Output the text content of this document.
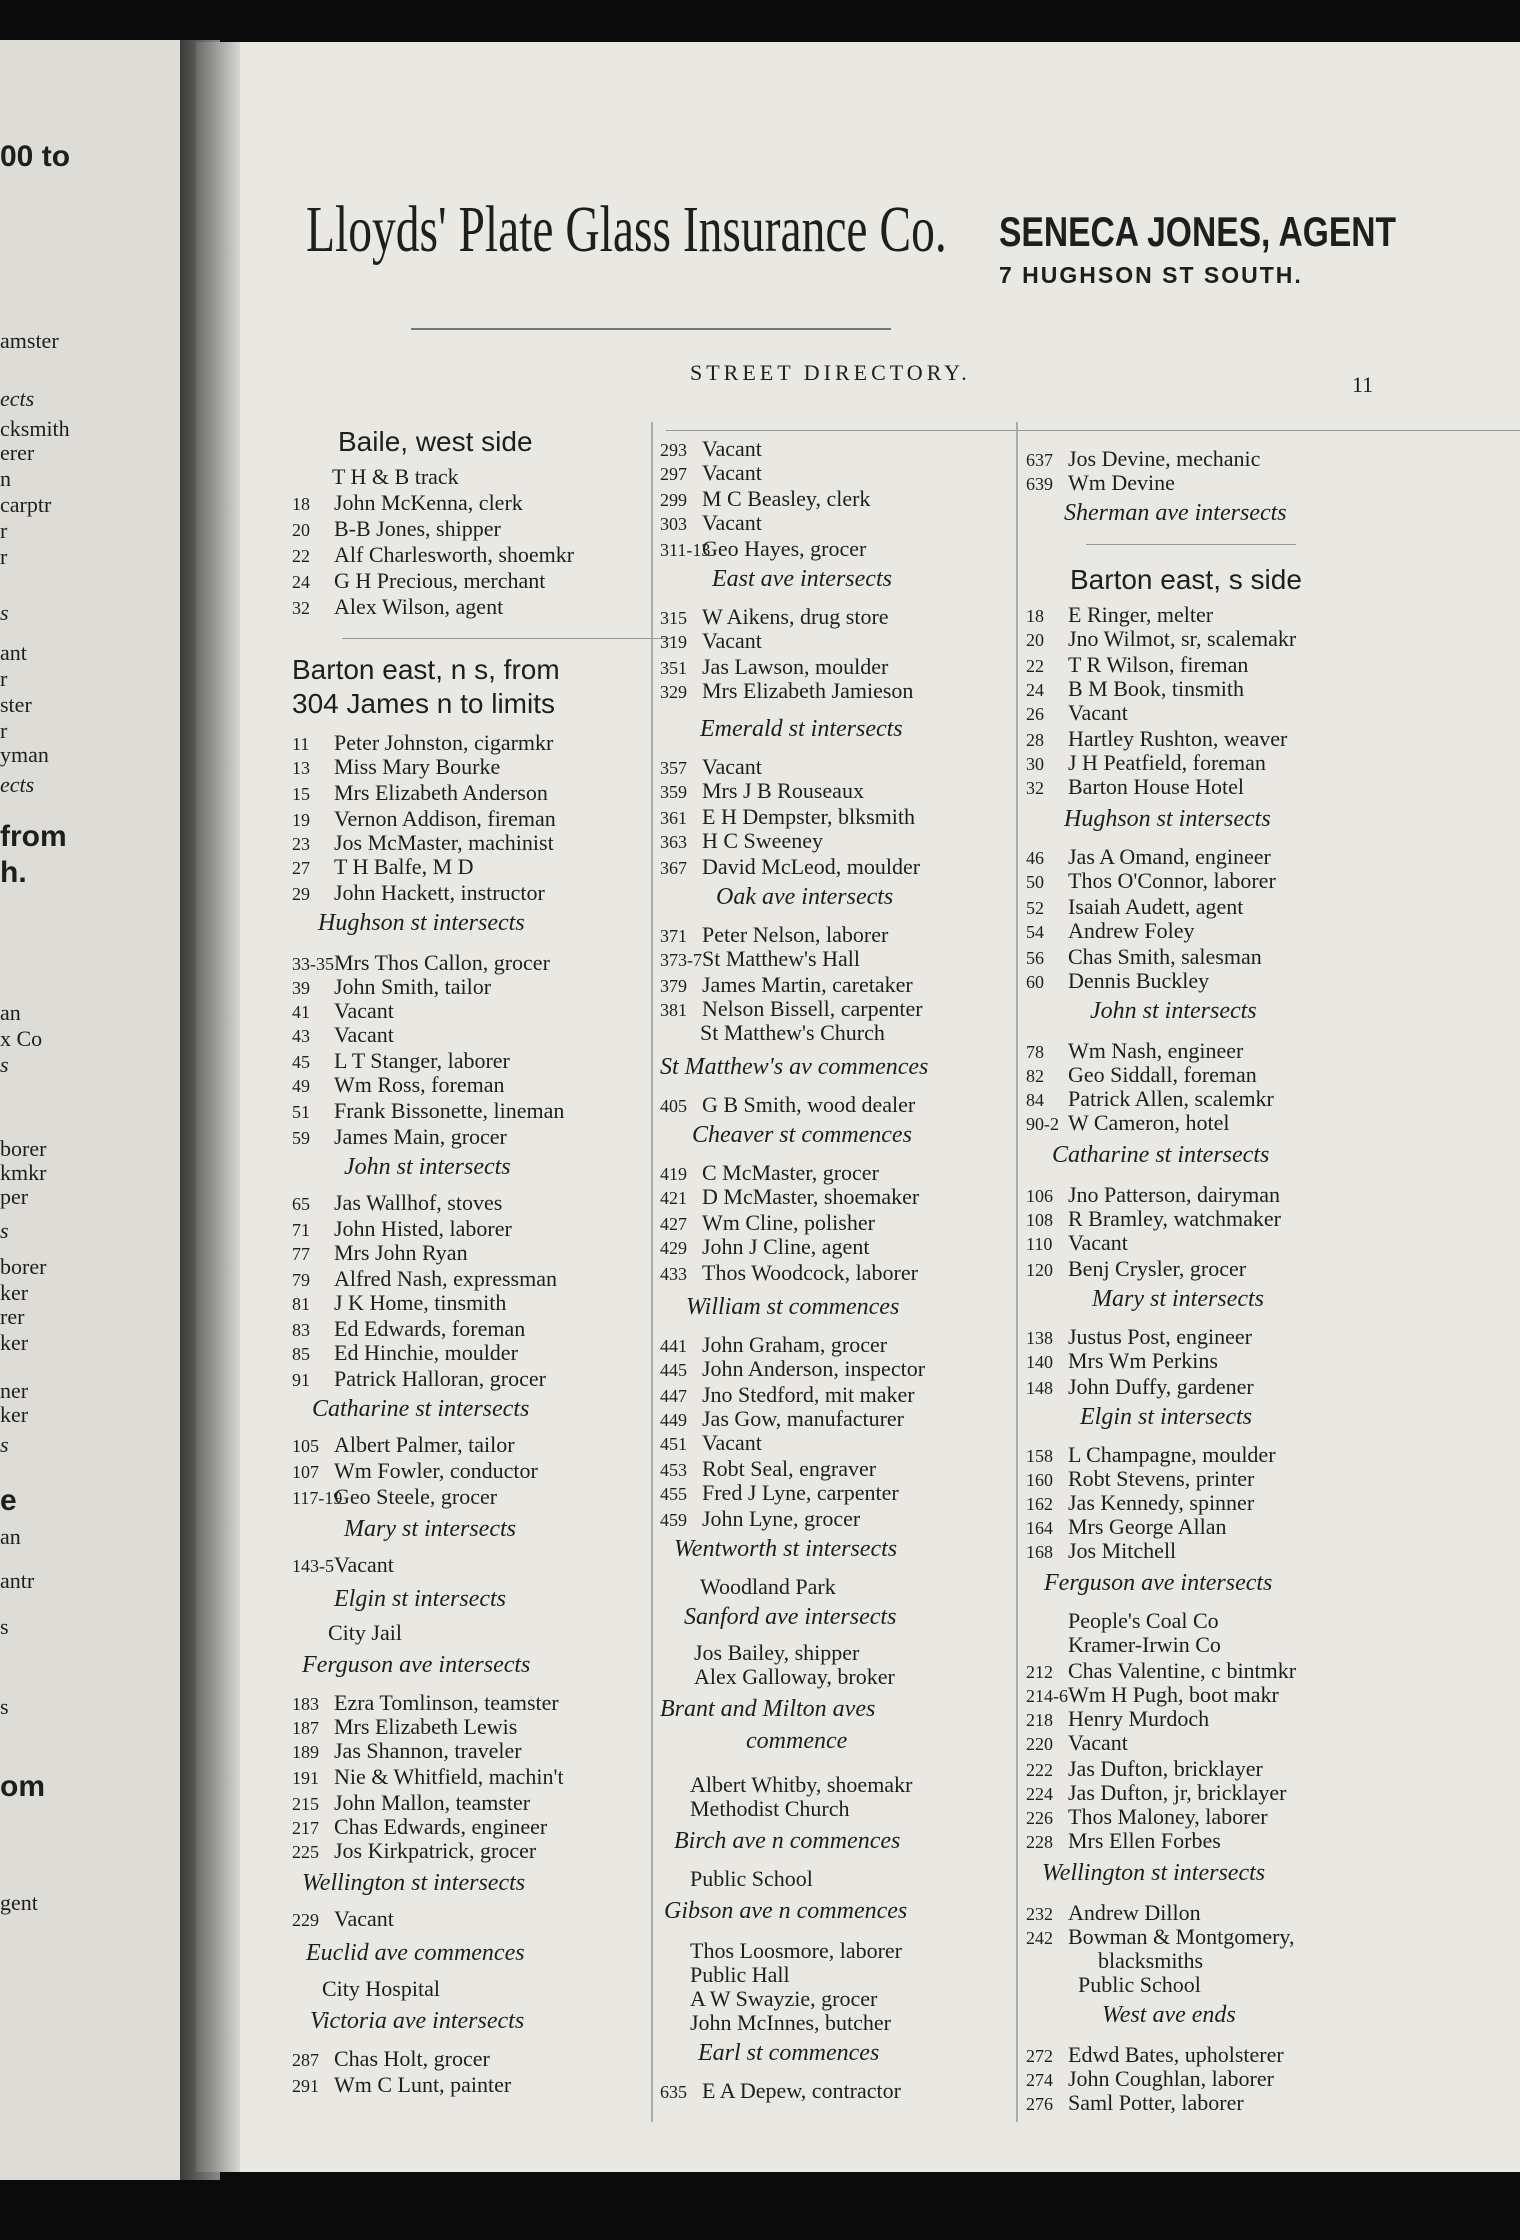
00 to
amster
ects
cksmith
erer
n
carptr
r
r
s
ant
r
ster
r
yman
ects
from
h.
an
x Co
s
borer
kmkr
per
s
borer
ker
rer
ker
ner
ker
s
e
an
antr
s
s
om
gent
Lloyds' Plate Glass Insurance Co. SENECA JONES, AGENT
7 HUGHSON ST SOUTH.
STREET DIRECTORY.	11
Baile, west side
T H & B track
18 John McKenna, clerk
20 B-B Jones, shipper
22 Alf Charlesworth, shoemkr
24 G H Precious, merchant
32 Alex Wilson, agent
Barton east, n s, from
304 James n to limits
11 Peter Johnston, cigarmkr
13 Miss Mary Bourke
15 Mrs Elizabeth Anderson
19 Vernon Addison, fireman
23 Jos McMaster, machinist
27 T H Balfe, M D
29 John Hackett, instructor
Hughson st intersects
33-35Mrs Thos Callon, grocer
39 John Smith, tailor
41 Vacant
43 Vacant
45 L T Stanger, laborer
49 Wm Ross, foreman
51 Frank Bissonette, lineman
59 James Main, grocer
John st intersects
65 Jas Wallhof, stoves
71 John Histed, laborer
77 Mrs John Ryan
79 Alfred Nash, expressman
81 J K Home, tinsmith
83 Ed Edwards, foreman
85 Ed Hinchie, moulder
91 Patrick Halloran, grocer
Catharine st intersects
105 Albert Palmer, tailor
107 Wm Fowler, conductor
117-19Geo Steele, grocer
Mary st intersects
143-5Vacant
Elgin st intersects
City Jail
Ferguson ave intersects
183 Ezra Tomlinson, teamster
187 Mrs Elizabeth Lewis
189 Jas Shannon, traveler
191 Nie & Whitfield, machin't
215 John Mallon, teamster
217 Chas Edwards, engineer
225 Jos Kirkpatrick, grocer
Wellington st intersects
229 Vacant
Euclid ave commences
City Hospital
Victoria ave intersects
287 Chas Holt, grocer
291 Wm C Lunt, painter
293 Vacant
297 Vacant
299 M C Beasley, clerk
303 Vacant
311-13Geo Hayes, grocer
East ave intersects
315 W Aikens, drug store
319 Vacant
351 Jas Lawson, moulder
329 Mrs Elizabeth Jamieson
Emerald st intersects
357 Vacant
359 Mrs J B Rouseaux
361 E H Dempster, blksmith
363 H C Sweeney
367 David McLeod, moulder
Oak ave intersects
371 Peter Nelson, laborer
373-7St Matthew's Hall
379 James Martin, caretaker
381 Nelson Bissell, carpenter
St Matthew's Church
St Matthew's av commences
405 G B Smith, wood dealer
Cheaver st commences
419 C McMaster, grocer
421 D McMaster, shoemaker
427 Wm Cline, polisher
429 John J Cline, agent
433 Thos Woodcock, laborer
William st commences
441 John Graham, grocer
445 John Anderson, inspector
447 Jno Stedford, mit maker
449 Jas Gow, manufacturer
451 Vacant
453 Robt Seal, engraver
455 Fred J Lyne, carpenter
459 John Lyne, grocer
Wentworth st intersects
Woodland Park
Sanford ave intersects
Jos Bailey, shipper
Alex Galloway, broker
Brant and Milton aves
commence
Albert Whitby, shoemakr
Methodist Church
Birch ave n commences
Public School
Gibson ave n commences
Thos Loosmore, laborer
Public Hall
A W Swayzie, grocer
John McInnes, butcher
Earl st commences
635 E A Depew, contractor
637 Jos Devine, mechanic
639 Wm Devine
Sherman ave intersects
Barton east, s side
18 E Ringer, melter
20 Jno Wilmot, sr, scalemakr
22 T R Wilson, fireman
24 B M Book, tinsmith
26 Vacant
28 Hartley Rushton, weaver
30 J H Peatfield, foreman
32 Barton House Hotel
Hughson st intersects
46 Jas A Omand, engineer
50 Thos O'Connor, laborer
52 Isaiah Audett, agent
54 Andrew Foley
56 Chas Smith, salesman
60 Dennis Buckley
John st intersects
78 Wm Nash, engineer
82 Geo Siddall, foreman
84 Patrick Allen, scalemkr
90-2 W Cameron, hotel
Catharine st intersects
106 Jno Patterson, dairyman
108 R Bramley, watchmaker
110 Vacant
120 Benj Crysler, grocer
Mary st intersects
138 Justus Post, engineer
140 Mrs Wm Perkins
148 John Duffy, gardener
Elgin st intersects
158 L Champagne, moulder
160 Robt Stevens, printer
162 Jas Kennedy, spinner
164 Mrs George Allan
168 Jos Mitchell
Ferguson ave intersects
People's Coal Co
Kramer-Irwin Co
212 Chas Valentine, c bintmkr
214-6Wm H Pugh, boot makr
218 Henry Murdoch
220 Vacant
222 Jas Dufton, bricklayer
224 Jas Dufton, jr, bricklayer
226 Thos Maloney, laborer
228 Mrs Ellen Forbes
Wellington st intersects
232 Andrew Dillon
242 Bowman & Montgomery,
blacksmiths
Public School
West ave ends
272 Edwd Bates, upholsterer
274 John Coughlan, laborer
276 Saml Potter, laborer
